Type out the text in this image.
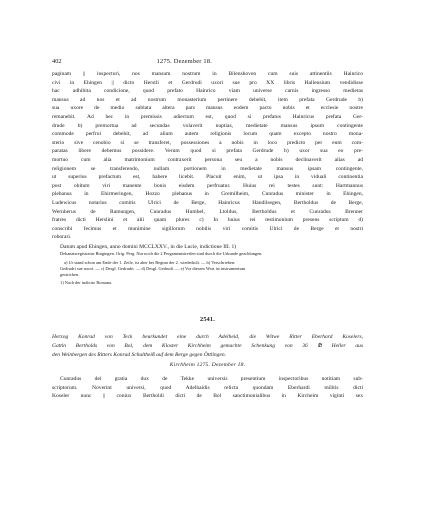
402	1275. Dezember 18.
paginam || inspecturi, nos mansum nostrum in Bilenshoven cum suis attinentiis Hainrico
civi in Ehingen || dicto Herstli et Gerdrudi uxori sue pro XX libris Hallensium vendidisse
hac adhibita condicione, quod prefato Hainrico viam universe carnis ingresso medietas
mansus ad nos et ad nostrum monasterium pertinere debebit, item prefata Gerdrude b)
sua uxore de medio sublata altera pars mansus eodem pacto nobis et ecclesie nostre
remanebit. Ad hec in premissis adiectum est, quod si prefatus Hainricus prefata Ger-
drude b) premortua ad secundas volaverit nuptias, medietate mansus ipsum contingente
commode perfrui debebit, ad alium autem religionis locum quam excepto nostro mona-
sterio sive cenobio si se transferet, possessiones a nobis in loco predicto per eum com-
paratas libere debemus possidere. Verum quod si prefata Gerdrude b) uxor sua eo pre-
mortuo cum alia matrimonium contraxerit persona seu a nobis declinaverit alias ad
religionem se transferendo, nullam portionem in medietate mansus ipsam contingente,
ut superius prefactum est, habere licebit. Placuit enim, ut ipsa in viduali continentia
post obitum viri manente bonis eisdem perfruatur. Huius rei testes sunt: Hartmannus
plebanus in Ehirmeringen, Hozzo plebanus in Gremilheim, Cunradus minister in Ehingen,
Ludewicus notarius comitis Ulrici de Berge, Hainricus Handilsegen, Bertholdus de Berge,
Wernherus de Ramungen, Cunradus Humbel, Ltoldus, Bertholdus et Cunradus Brenner
fratres dicti Herslini et alii quam plures c) In huius rei testimonium presens scriptum d)
conscribi fecimus et munimine sigillorum nobilis viri comitis Ulrici de Berge et nostri
roborari.
Datum apud Ehingen, anno domini MCCLXXV., in die Lucie, indictione III. 1)
Dekanatsregistratur Ringingen. Orig. Perg. Nur noch die 2 Pergamentstreifen sind durch die Urkunde gezchlungen.
a) Ur stand schon am Ende der 1. Zeile, ist aber bei Beginn der 2. wiederholt. — b) Verschrieben:
Gedrudri sue uxori. — c) Desgl. Gedrudri. — d) Desgl. Gedrudi. — e) Vor diesem Wort ist instrumentum
gestrichen.
1) Nach der indictio Romana.
2541.
Herzog Konrad von Teck beurkundet eine durch Adelheid, die Witwe Ritter Eberhard Koselers,
Gattin Bertholds von Bol, dem Kloster Kirchheim gemachte Schenkung von 36 ℔ Heller aus
den Weinbergen des Ritters Konrad Schultheiß auf dem Berge gegen Öttlingen.
Kirchheim 1275. Dezember 18.
Cunradus dei gratia dux de Tekke universis presentium inspectoribus notitiam sub-
scriptorum. Noverint universi, quod Adelhaidis relicta quondam Eberhardi militis dicti
Koseler nunc || coniux Bertholdi dicti de Bol sanctimonialibus in Kircheim viginti sex
